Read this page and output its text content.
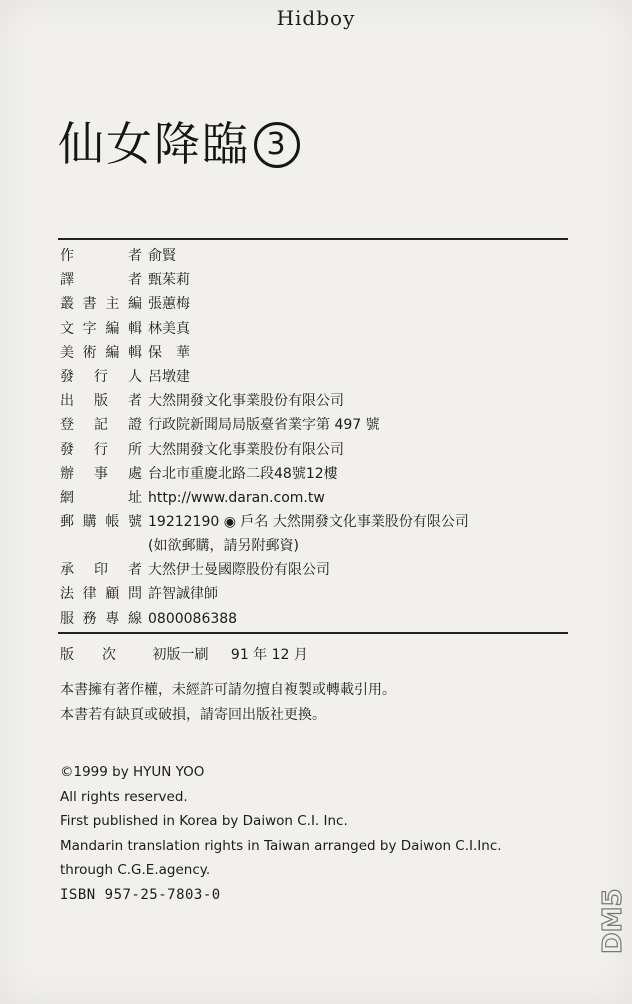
Hidboy
仙女降臨 3
作	者 俞賢
譯	者 甄茱莉
叢 書 主 編 張蕙梅
文 字 編 輯 林美真
美 術 編 輯 保　華
發 行 人 呂墩建
出 版 者 大然開發文化事業股份有限公司
登 記 證 行政院新聞局局版臺省業字第 497 號
發 行 所 大然開發文化事業股份有限公司
辦 事 處 台北市重慶北路二段48號12樓
網	址 http://www.daran.com.tw
郵 購 帳 號 19212190 ◉ 戶名 大然開發文化事業股份有限公司
(如欲郵購，請另附郵資)
承 印 者 大然伊士曼國際股份有限公司
法 律 顧 問 許智誠律師
服 務 專 線 0800086388
版　　次	初版一刷 91 年 12 月
本書擁有著作權，未經許可請勿擅自複製或轉載引用。
本書若有缺頁或破損，請寄回出版社更換。
©1999 by HYUN YOO
All rights reserved.
First published in Korea by Daiwon C.I. Inc.
Mandarin translation rights in Taiwan arranged by Daiwon C.I.Inc.
through C.G.E.agency.
ISBN 957-25-7803-0	DM5
